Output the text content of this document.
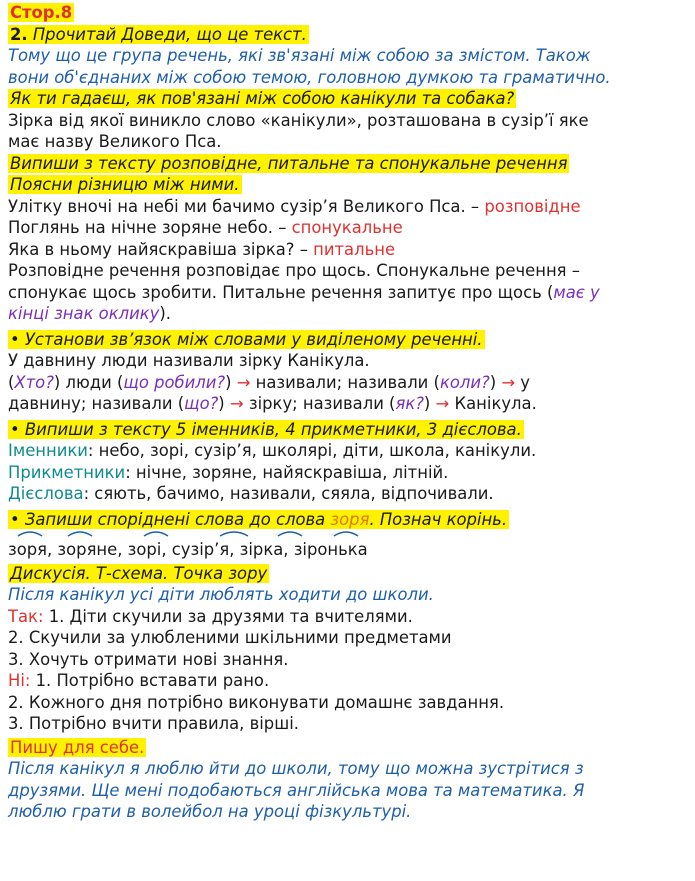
Стор.8
2. Прочитай Доведи, що це текст.
Тому що це група речень, які зв'язані між собою за змістом. Також
вони об'єднаних між собою темою, головною думкою та граматично.
Як ти гадаєш, як пов'язані між собою канікули та собака?
Зірка від якої виникло слово «канікули», розташована в сузір’ї яке
має назву Великого Пса.
Випиши з тексту розповідне, питальне та спонукальне речення
Поясни різницю між ними.
Улітку вночі на небі ми бачимо сузір’я Великого Пса. – розповідне
Поглянь на нічне зоряне небо. – спонукальне
Яка в ньому найяскравіша зірка? – питальне
Розповідне речення розповідає про щось. Спонукальне речення –
спонукає щось зробити. Питальне речення запитує про щось (має у
кінці знак оклику).
• Установи зв’язок між словами у виділеному реченні.
У давнину люди називали зірку Канікула.
(Хто?) люди (що робили?) → називали; називали (коли?) → у
давнину; називали (що?) → зірку; називали (як?) → Канікула.
• Випиши з тексту 5 іменників, 4 прикметники, 3 дієслова.
Іменники: небо, зорі, сузір’я, школярі, діти, школа, канікули.
Прикметники: нічне, зоряне, найяскравіша, літній.
Дієслова: сяють, бачимо, називали, сяяла, відпочивали.
• Запиши споріднені слова до слова зоря. Познач корінь.
зоря, зоряне, зорі, сузір’я, зірка, зіронька
Дискусія. Т-схема. Точка зору
Після канікул усі діти люблять ходити до школи.
Так: 1. Діти скучили за друзями та вчителями.
2. Скучили за улюбленими шкільними предметами
3. Хочуть отримати нові знання.
Ні: 1. Потрібно вставати рано.
2. Кожного дня потрібно виконувати домашнє завдання.
3. Потрібно вчити правила, вірші.
Пишу для себе.
Після канікул я люблю йти до школи, тому що можна зустрітися з
друзями. Ще мені подобаються англійська мова та математика. Я
люблю грати в волейбол на уроці фізкультурі.
